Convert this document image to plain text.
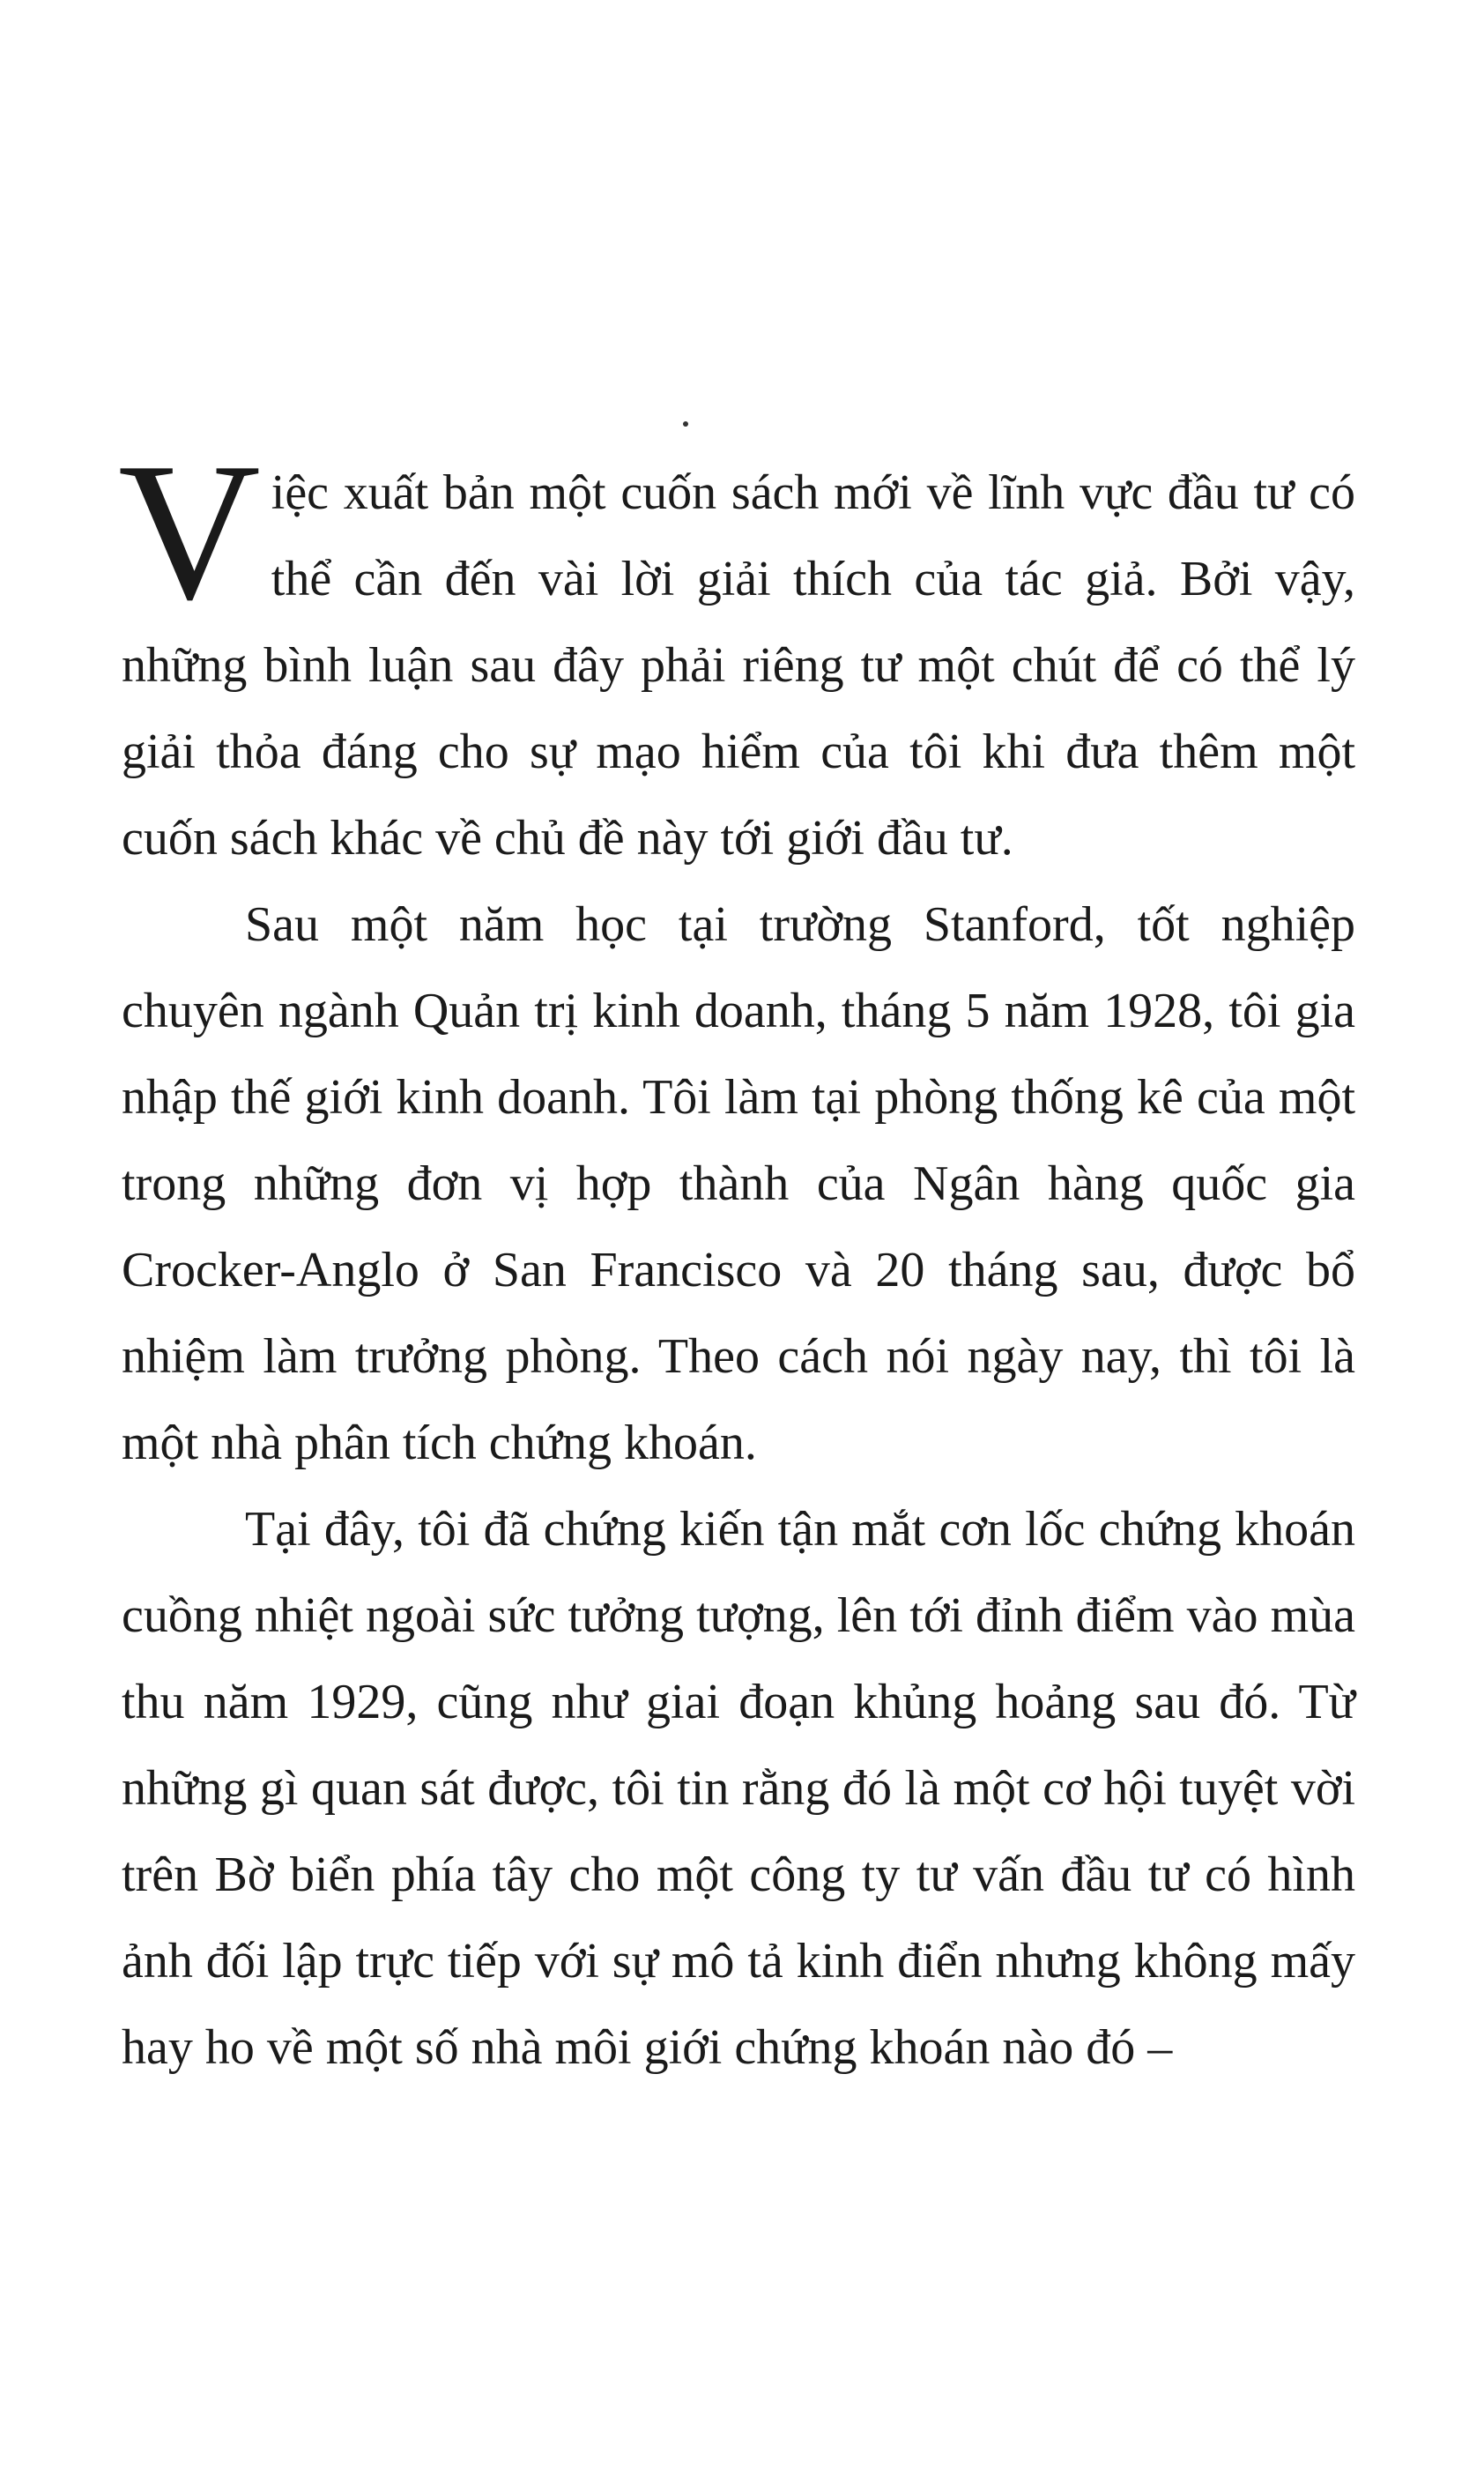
Việc xuất bản một cuốn sách mới về lĩnh vực đầu tư có thể cần đến vài lời giải thích của tác giả. Bởi vậy, những bình luận sau đây phải riêng tư một chút để có thể lý giải thỏa đáng cho sự mạo hiểm của tôi khi đưa thêm một cuốn sách khác về chủ đề này tới giới đầu tư.

Sau một năm học tại trường Stanford, tốt nghiệp chuyên ngành Quản trị kinh doanh, tháng 5 năm 1928, tôi gia nhập thế giới kinh doanh. Tôi làm tại phòng thống kê của một trong những đơn vị hợp thành của Ngân hàng quốc gia Crocker-Anglo ở San Francisco và 20 tháng sau, được bổ nhiệm làm trưởng phòng. Theo cách nói ngày nay, thì tôi là một nhà phân tích chứng khoán.

Tại đây, tôi đã chứng kiến tận mắt cơn lốc chứng khoán cuồng nhiệt ngoài sức tưởng tượng, lên tới đỉnh điểm vào mùa thu năm 1929, cũng như giai đoạn khủng hoảng sau đó. Từ những gì quan sát được, tôi tin rằng đó là một cơ hội tuyệt vời trên Bờ biển phía tây cho một công ty tư vấn đầu tư có hình ảnh đối lập trực tiếp với sự mô tả kinh điển nhưng không mấy hay ho về một số nhà môi giới chứng khoán nào đó –
